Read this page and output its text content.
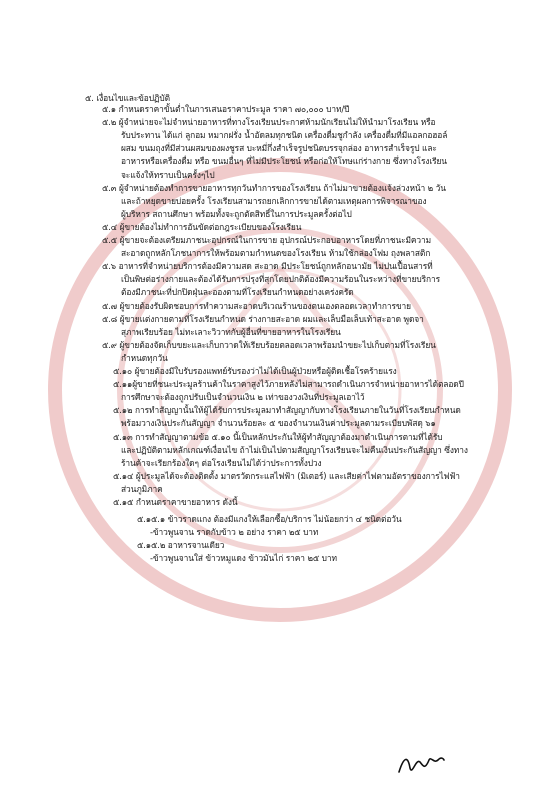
๕. เงื่อนไขและข้อปฏิบัติ
๕.๑ กำหนดราคาขั้นต่ำในการเสนอราคาประมูล ราคา ๗๐,๐๐๐ บาท/ปี
๕.๒ ผู้จำหน่ายจะไม่จำหน่ายอาหารที่ทางโรงเรียนประกาศห้ามนักเรียนไม่ให้นำมาโรงเรียน หรือ
รับประทาน ได้แก่ ลูกอม หมากฝรั่ง น้ำอัดลมทุกชนิด เครื่องดื่มชูกำลัง เครื่องดื่มที่มีแอลกอฮอล์
ผสม ขนมถุงที่มีส่วนผสมของผงชูรส บะหมี่กึ่งสำเร็จรูปชนิดบรรจุกล่อง อาหารสำเร็จรูป และ
อาหารหรือเครื่องดื่ม หรือ ขนมอื่นๆ ที่ไม่มีประโยชน์ หรือก่อให้โทษแก่ร่างกาย ซึ่งทางโรงเรียน
จะแจ้งให้ทราบเป็นครั้งๆไป
๕.๓ ผู้จำหน่ายต้องทำการขายอาหารทุกวันทำการของโรงเรียน ถ้าไม่มาขายต้องแจ้งล่วงหน้า ๒ วัน
และถ้าหยุดขายบ่อยครั้ง โรงเรียนสามารถยกเลิกการขายได้ตามเหตุผลการพิจารณาของ
ผู้บริหาร สถานศึกษา พร้อมทั้งจะถูกตัดสิทธิ์ในการประมูลครั้งต่อไป
๕.๔ ผู้ขายต้องไม่ทำการอันขัดต่อกฎระเบียบของโรงเรียน
๕.๕ ผู้ขายจะต้องเตรียมภาชนะอุปกรณ์ในการขาย อุปกรณ์ประกอบอาหารโดยที่ภาชนะมีความ
สะอาดถูกหลักโภชนาการให้พร้อมตามกำหนดของโรงเรียน ห้ามใช้กล่องโฟม ถุงพลาสติก
๕.๖ อาหารที่จำหน่ายบริการต้องมีความสด สะอาด มีประโยชน์ถูกหลักอนามัย ไม่ปนเปื้อนสารที่
เป็นพิษต่อร่างกายและต้องได้รับการปรุงที่สุกโดยปกติต้องมีความร้อนในระหว่างที่ขายบริการ
ต้องมีภาชนะที่ปกปิดฝุ่นละอองตามที่โรงเรียนกำหนดอย่างเคร่งครัด
๕.๗ ผู้ขายต้องรับผิดชอบการทำความสะอาดบริเวณร้านของตนเองตลอดเวลาทำการขาย
๕.๘ ผู้ขายแต่งกายตามที่โรงเรียนกำหนด ร่างกายสะอาด ผมและเล็บมือเล็บเท้าสะอาด พูดจา
สุภาพเรียบร้อย ไม่ทะเลาะวิวาทกับผู้อื่นที่ขายอาหารในโรงเรียน
๕.๙ ผู้ขายต้องจัดเก็บขยะและเก็บกวาดให้เรียบร้อยตลอดเวลาพร้อมนำขยะไปเก็บตามที่โรงเรียน
กำหนดทุกวัน
๕.๑๐ ผู้ขายต้องมีใบรับรองแพทย์รับรองว่าไม่ได้เป็นผู้ป่วยหรือผู้ติดเชื้อโรคร้ายแรง
๕.๑๑ผู้ขายที่ชนะประมูลร้านค้าในราคาสูงไว้ภายหลังไม่สามารถดำเนินการจำหน่ายอาหารได้ตลอดปี
การศึกษาจะต้องถูกปรับเป็นจำนวนเงิน ๒ เท่าของวงเงินที่ประมูลเอาไว้
๕.๑๒ การทำสัญญานั้นให้ผู้ได้รับการประมูลมาทำสัญญากับทางโรงเรียนภายในวันที่โรงเรียนกำหนด
พร้อมวางเงินประกันสัญญา จำนวนร้อยละ ๕ ของจำนวนเงินค่าประมูลตามระเบียบพัสดุ ๖๑
๕.๑๓ การทำสัญญาตามข้อ ๕.๑๐ นี้เป็นหลักประกันให้ผู้ทำสัญญาต้องมาดำเนินการตามที่ได้รับ
และปฏิบัติตามหลักเกณฑ์เงื่อนไข ถ้าไม่เป็นไปตามสัญญาโรงเรียนจะไม่คืนเงินประกันสัญญา ซึ่งทาง
ร้านค้าจะเรียกร้องใดๆ ต่อโรงเรียนไม่ได้ว่าประการทั้งปวง
๕.๑๔ ผู้ประมูลได้จะต้องติดตั้ง มาตรวัดกระแสไฟฟ้า (มิเตอร์) และเสียค่าไฟตามอัตราของการไฟฟ้า
ส่วนภูมิภาค
๕.๑๕ กำหนดราคาขายอาหาร ดังนี้
๕.๑๕.๑ ข้าวราดแกง ต้องมีแกงให้เลือกซื้อ/บริการ ไม่น้อยกว่า ๔ ชนิดต่อวัน
-ข้าวพูนจาน ราดกับข้าว ๒ อย่าง ราคา ๒๕ บาท
๕.๑๕.๒ อาหารจานเดียว
-ข้าวพูนจานใส่ ข้าวหมูแดง ข้าวมันไก่ ราคา ๒๕ บาท
